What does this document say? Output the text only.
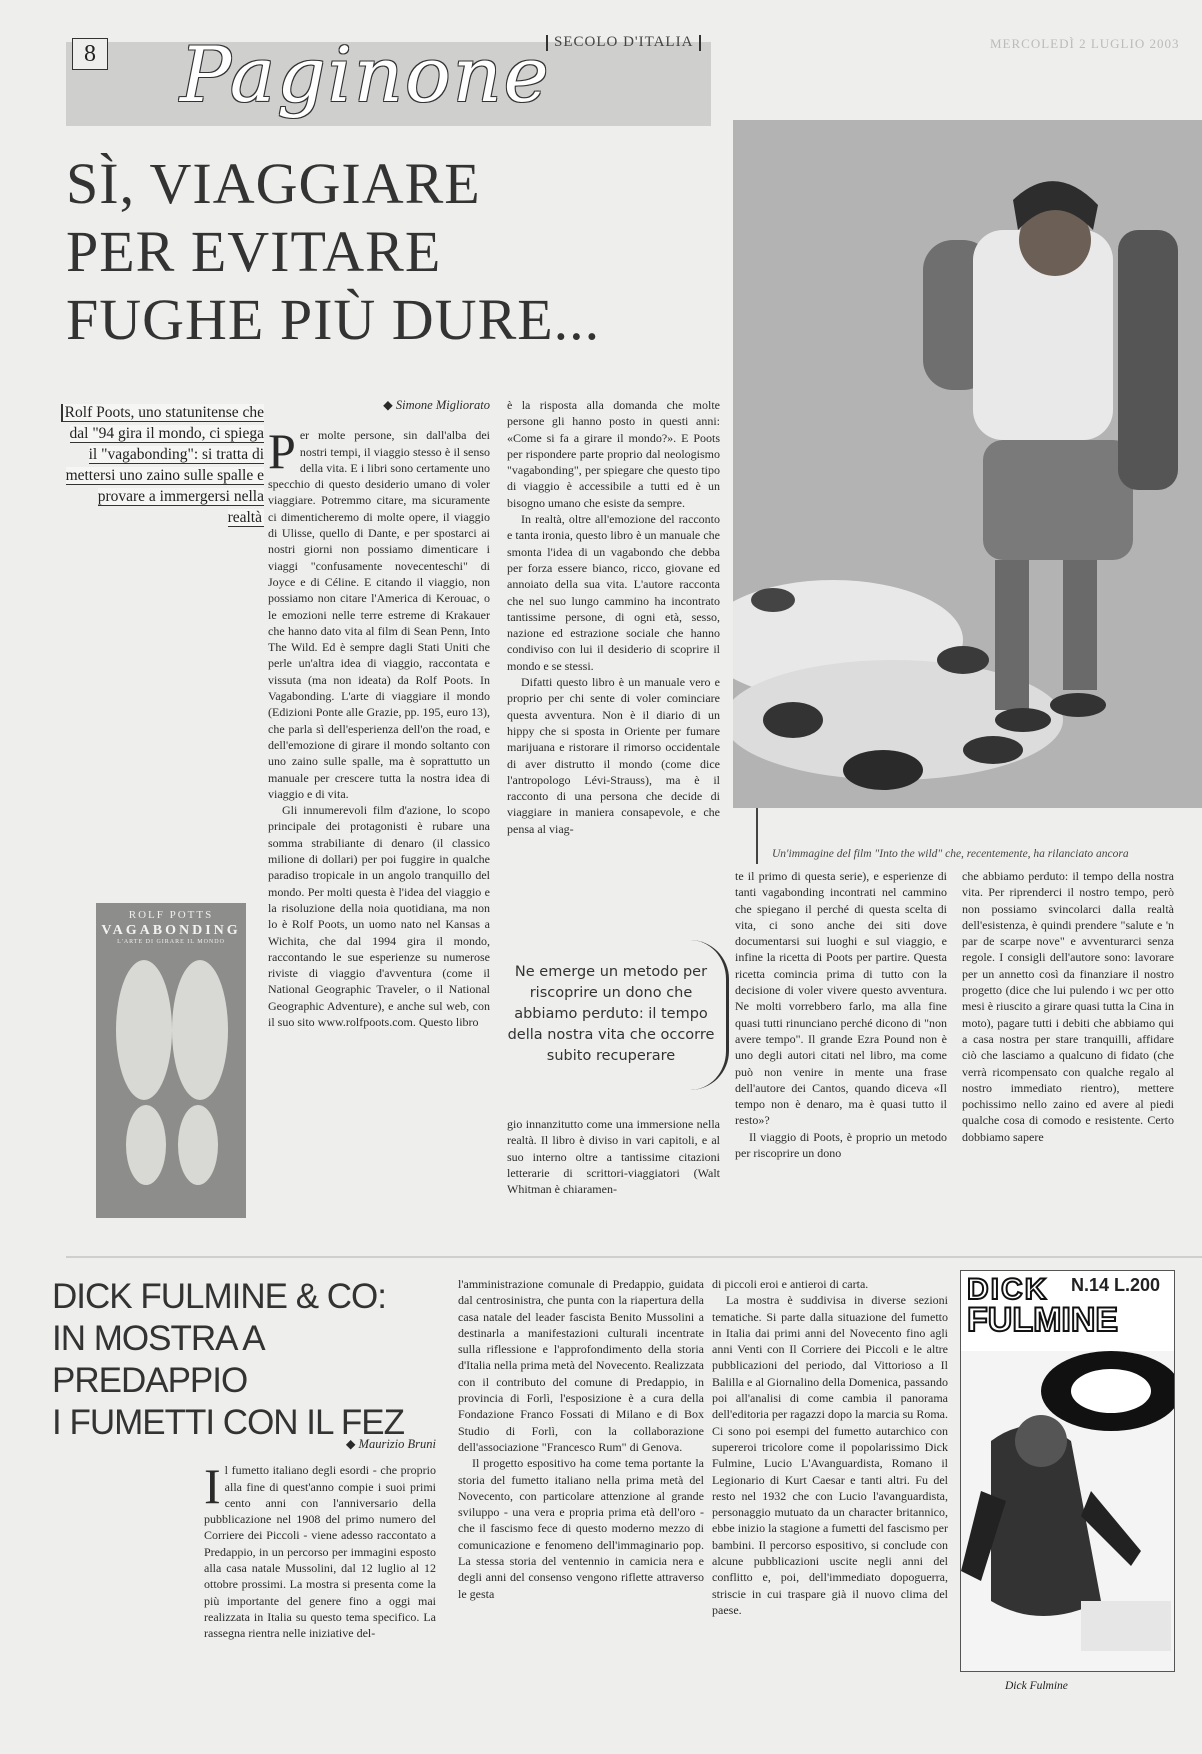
8 Paginone SECOLO D'ITALIA	MERCOLEDÌ 2 LUGLIO 2003
SÌ, VIAGGIARE
PER EVITARE
FUGHE PIÙ DURE...
Un'immagine del film "Into the wild" che, recentemente, ha rilanciato ancora
Rolf Poots, uno statunitense che dal "94 gira il mondo, ci spiega il "vagabonding": si tratta di mettersi uno zaino sulle spalle e provare a immergersi nella realtà
ROLF POTTS
VAGABONDING
L'ARTE DI GIRARE IL MONDO
◆ Simone Migliorato

Per molte persone, sin dall'alba dei nostri tempi, il viaggio stesso è il senso della vita. E i libri sono certamente uno specchio di questo desiderio umano di voler viaggiare. Potremmo citare, ma sicuramente ci dimenticheremo di molte opere, il viaggio di Ulisse, quello di Dante, e per spostarci ai nostri giorni non possiamo dimenticare i viaggi "confusamente novecenteschi" di Joyce e di Céline. E citando il viaggio, non possiamo non citare l'America di Kerouac, o le emozioni nelle terre estreme di Krakauer che hanno dato vita al film di Sean Penn, Into The Wild. Ed è sempre dagli Stati Uniti che perle un'altra idea di viaggio, raccontata e vissuta (ma non ideata) da Rolf Poots. In Vagabonding. L'arte di viaggiare il mondo (Edizioni Ponte alle Grazie, pp. 195, euro 13), che parla sì dell'esperienza dell'on the road, e dell'emozione di girare il mondo soltanto con uno zaino sulle spalle, ma è soprattutto un manuale per crescere tutta la nostra idea di viaggio e di vita.

Gli innumerevoli film d'azione, lo scopo principale dei protagonisti è rubare una somma strabiliante di denaro (il classico milione di dollari) per poi fuggire in qualche paradiso tropicale in un angolo tranquillo del mondo. Per molti questa è l'idea del viaggio e la risoluzione della noia quotidiana, ma non lo è Rolf Poots, un uomo nato nel Kansas a Wichita, che dal 1994 gira il mondo, raccontando le sue esperienze su numerose riviste di viaggio d'avventura (come il National Geographic Traveler, o il National Geographic Adventure), e anche sul web, con il suo sito www.rolfpoots.com. Questo libro

è la risposta alla domanda che molte persone gli hanno posto in questi anni: «Come si fa a girare il mondo?». E Poots per rispondere parte proprio dal neologismo "vagabonding", per spiegare che questo tipo di viaggio è accessibile a tutti ed è un bisogno umano che esiste da sempre.

In realtà, oltre all'emozione del racconto e tanta ironia, questo libro è un manuale che smonta l'idea di un vagabondo che debba per forza essere bianco, ricco, giovane ed annoiato della sua vita. L'autore racconta che nel suo lungo cammino ha incontrato tantissime persone, di ogni età, sesso, nazione ed estrazione sociale che hanno condiviso con lui il desiderio di scoprire il mondo e se stessi.

Difatti questo libro è un manuale vero e proprio per chi sente di voler cominciare questa avventura. Non è il diario di un hippy che si sposta in Oriente per fumare marijuana e ristorare il rimorso occidentale di aver distrutto il mondo (come dice l'antropologo Lévi-Strauss), ma è il racconto di una persona che decide di viaggiare in maniera consapevole, e che pensa al viag-

Ne emerge un metodo per riscoprire un dono che abbiamo perduto: il tempo della nostra vita che occorre subito recuperare

gio innanzitutto come una immersione nella realtà. Il libro è diviso in vari capitoli, e al suo interno oltre a tantissime citazioni letterarie di scrittori-viaggiatori (Walt Whitman è chiaramen-

te il primo di questa serie), e esperienze di tanti vagabonding incontrati nel cammino che spiegano il perché di questa scelta di vita, ci sono anche dei siti dove documentarsi sui luoghi e sul viaggio, e infine la ricetta di Poots per partire. Questa ricetta comincia prima di tutto con la decisione di voler vivere questo avventura. Ne molti vorrebbero farlo, ma alla fine quasi tutti rinunciano perché dicono di "non avere tempo". Il grande Ezra Pound non è uno degli autori citati nel libro, ma come può non venire in mente una frase dell'autore dei Cantos, quando diceva «Il tempo non è denaro, ma è quasi tutto il resto»?

Il viaggio di Poots, è proprio un metodo per riscoprire un dono

che abbiamo perduto: il tempo della nostra vita. Per riprenderci il nostro tempo, però non possiamo svincolarci dalla realtà dell'esistenza, è quindi prendere "salute e 'n par de scarpe nove" e avventurarci senza regole. I consigli dell'autore sono: lavorare per un annetto così da finanziare il nostro progetto (dice che lui pulendo i wc per otto mesi è riuscito a girare quasi tutta la Cina in moto), pagare tutti i debiti che abbiamo qui a casa nostra per stare tranquilli, affidare ciò che lasciamo a qualcuno di fidato (che verrà ricompensato con qualche regalo al nostro immediato rientro), mettere pochissimo nello zaino ed avere al piedi qualche cosa di comodo e resistente. Certo dobbiamo sapere

DICK FULMINE & CO:
IN MOSTRA A PREDAPPIO
I FUMETTI CON IL FEZ
◆ Maurizio Bruni

Il fumetto italiano degli esordi - che proprio alla fine di quest'anno compie i suoi primi cento anni con l'anniversario della pubblicazione nel 1908 del primo numero del Corriere dei Piccoli - viene adesso raccontato a Predappio, in un percorso per immagini esposto alla casa natale Mussolini, dal 12 luglio al 12 ottobre prossimi. La mostra si presenta come la più importante del genere fino a oggi mai realizzata in Italia su questo tema specifico. La rassegna rientra nelle iniziative del-

l'amministrazione comunale di Predappio, guidata dal centrosinistra, che punta con la riapertura della casa natale del leader fascista Benito Mussolini a destinarla a manifestazioni culturali incentrate sulla riflessione e l'approfondimento della storia d'Italia nella prima metà del Novecento. Realizzata con il contributo del comune di Predappio, in provincia di Forlì, l'esposizione è a cura della Fondazione Franco Fossati di Milano e di Box Studio di Forlì, con la collaborazione dell'associazione "Francesco Rum" di Genova.

Il progetto espositivo ha come tema portante la storia del fumetto italiano nella prima metà del Novecento, con particolare attenzione al grande sviluppo - una vera e propria prima età dell'oro - che il fascismo fece di questo moderno mezzo di comunicazione e fenomeno dell'immaginario pop. La stessa storia del ventennio in camicia nera e degli anni del consenso vengono riflette attraverso le gesta

di piccoli eroi e antieroi di carta.

La mostra è suddivisa in diverse sezioni tematiche. Si parte dalla situazione del fumetto in Italia dai primi anni del Novecento fino agli anni Venti con Il Corriere dei Piccoli e le altre pubblicazioni del periodo, dal Vittorioso a Il Balilla e al Giornalino della Domenica, passando poi all'analisi di come cambia il panorama dell'editoria per ragazzi dopo la marcia su Roma. Ci sono poi esempi del fumetto autarchico con supereroi tricolore come il popolarissimo Dick Fulmine, Lucio L'Avanguardista, Romano il Legionario di Kurt Caesar e tanti altri. Fu del resto nel 1932 che con Lucio l'avanguardista, personaggio mutuato da un character britannico, ebbe inizio la stagione a fumetti del fascismo per bambini. Il percorso espositivo, si conclude con alcune pubblicazioni uscite negli anni del conflitto e, poi, dell'immediato dopoguerra, striscie in cui traspare già il nuovo clima del paese.

DICK N.14 L.200
FULMINE
Dick Fulmine
